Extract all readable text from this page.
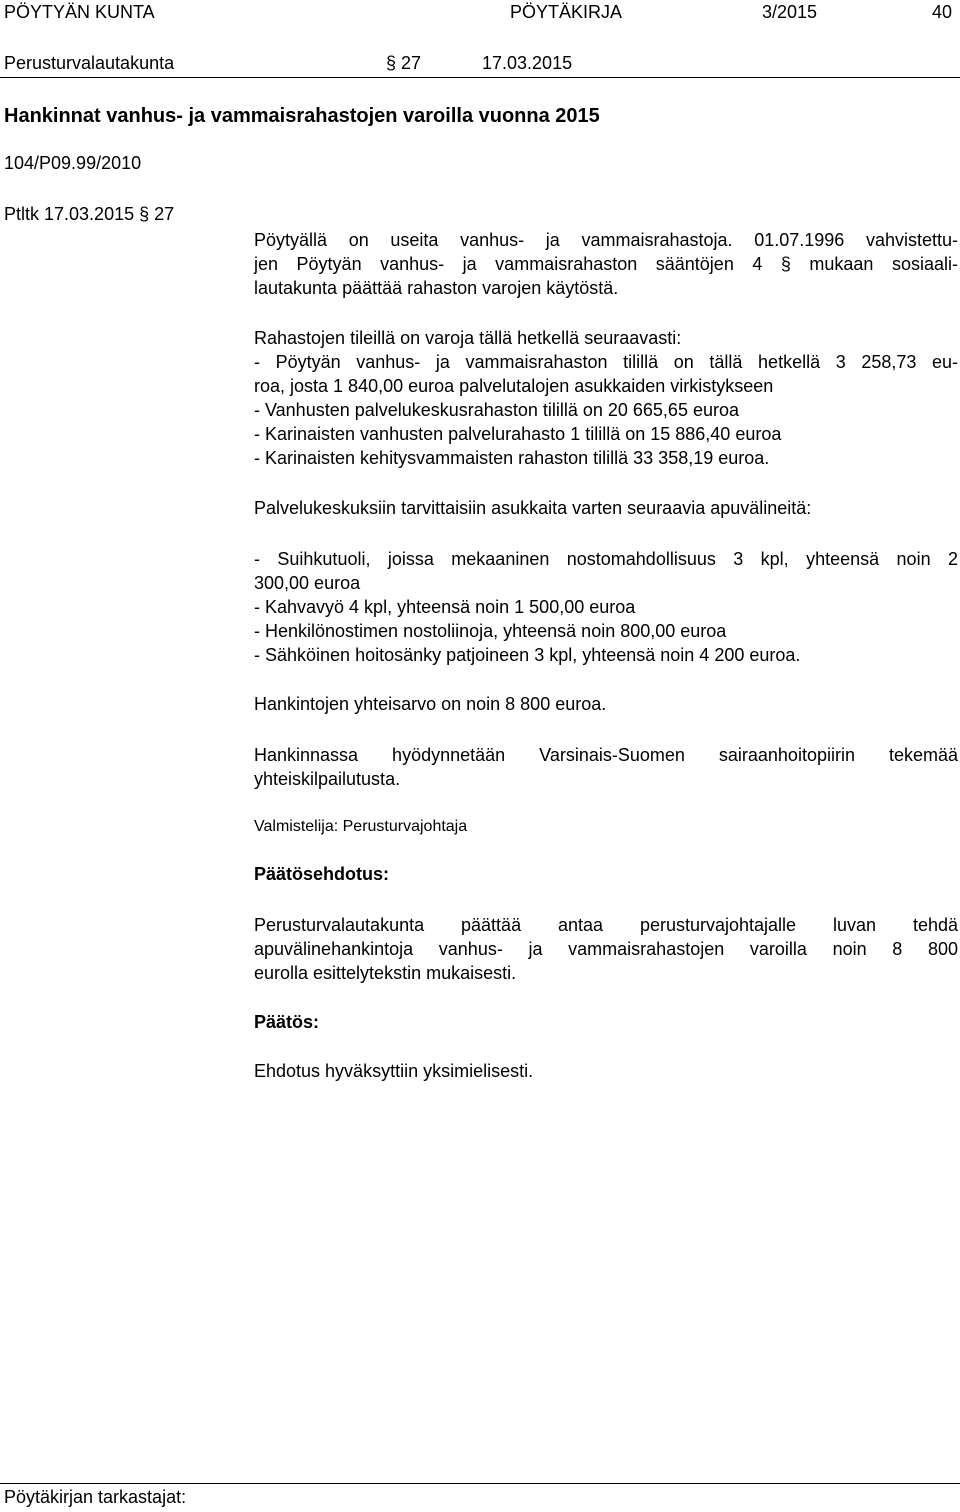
PÖYTYÄN KUNTA	PÖYTÄKIRJA	3/2015	40
Perusturvalautakunta	§ 27	17.03.2015
Hankinnat vanhus- ja vammaisrahastojen varoilla vuonna 2015
104/P09.99/2010
Ptltk 17.03.2015 § 27
Pöytyällä on useita vanhus- ja vammaisrahastoja. 01.07.1996 vahvistettu-
jen Pöytyän vanhus- ja vammaisrahaston sääntöjen 4 § mukaan sosiaali-
lautakunta päättää rahaston varojen käytöstä.
Rahastojen tileillä on varoja tällä hetkellä seuraavasti:
- Pöytyän vanhus- ja vammaisrahaston tilillä on tällä hetkellä 3 258,73 eu-
roa, josta 1 840,00 euroa palvelutalojen asukkaiden virkistykseen
- Vanhusten palvelukeskusrahaston tilillä on 20 665,65 euroa
- Karinaisten vanhusten palvelurahasto 1 tilillä on 15 886,40 euroa
- Karinaisten kehitysvammaisten rahaston tilillä 33 358,19 euroa.
Palvelukeskuksiin tarvittaisiin asukkaita varten seuraavia apuvälineitä:
- Suihkutuoli, joissa mekaaninen nostomahdollisuus 3 kpl, yhteensä noin 2
300,00 euroa
- Kahvavyö 4 kpl, yhteensä noin 1 500,00 euroa
- Henkilönostimen nostoliinoja, yhteensä noin 800,00 euroa
- Sähköinen hoitosänky patjoineen 3 kpl, yhteensä noin 4 200 euroa.
Hankintojen yhteisarvo on noin 8 800 euroa.
Hankinnassa hyödynnetään Varsinais-Suomen sairaanhoitopiirin tekemää
yhteiskilpailutusta.
Valmistelija: Perusturvajohtaja
Päätösehdotus:
Perusturvalautakunta päättää antaa perusturvajohtajalle luvan tehdä
apuvälinehankintoja vanhus- ja vammaisrahastojen varoilla noin 8 800
eurolla esittelytekstin mukaisesti.
Päätös:
Ehdotus hyväksyttiin yksimielisesti.
Pöytäkirjan tarkastajat:
